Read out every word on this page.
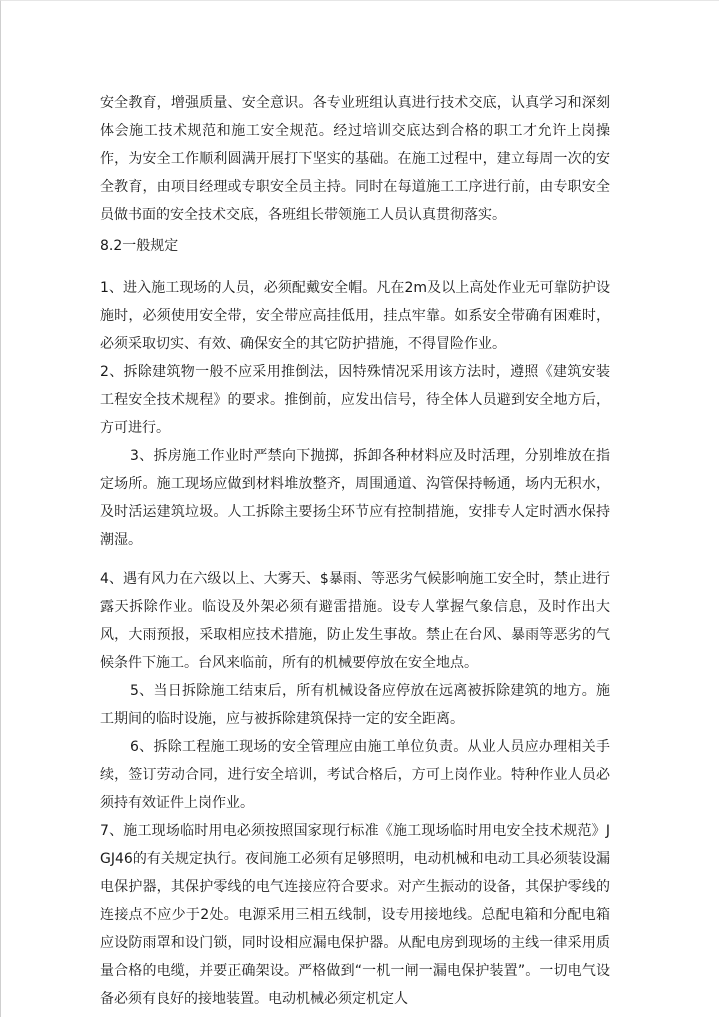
安全教育，增强质量、安全意识。各专业班组认真进行技术交底，认真学习和深刻体会施工技术规范和施工安全规范。经过培训交底达到合格的职工才允许上岗操作，为安全工作顺利圆满开展打下坚实的基础。在施工过程中，建立每周一次的安全教育，由项目经理或专职安全员主持。同时在每道施工工序进行前，由专职安全员做书面的安全技术交底，各班组长带领施工人员认真贯彻落实。

8.2一般规定

1、进入施工现场的人员，必须配戴安全帽。凡在2m及以上高处作业无可靠防护设施时，必须使用安全带，安全带应高挂低用，挂点牢靠。如系安全带确有困难时，必须采取切实、有效、确保安全的其它防护措施，不得冒险作业。

2、拆除建筑物一般不应采用推倒法，因特殊情况采用该方法时，遵照《建筑安装工程安全技术规程》的要求。推倒前，应发出信号，待全体人员避到安全地方后，方可进行。

3、拆房施工作业时严禁向下抛掷，拆卸各种材料应及时活理，分别堆放在指定场所。施工现场应做到材料堆放整齐，周围通道、沟管保持畅通，场内无积水，及时活运建筑垃圾。人工拆除主要扬尘环节应有控制措施，安排专人定时洒水保持潮湿。

4、遇有风力在六级以上、大雾天、$暴雨、等恶劣气候影响施工安全时，禁止进行露天拆除作业。临设及外架必须有避雷措施。设专人掌握气象信息，及时作出大风，大雨预报，采取相应技术措施，防止发生事故。禁止在台风、暴雨等恶劣的气候条件下施工。台风来临前，所有的机械要停放在安全地点。

5、当日拆除施工结束后，所有机械设备应停放在远离被拆除建筑的地方。施工期间的临时设施，应与被拆除建筑保持一定的安全距离。

6、拆除工程施工现场的安全管理应由施工单位负责。从业人员应办理相关手续，签订劳动合同，进行安全培训，考试合格后，方可上岗作业。特种作业人员必须持有效证件上岗作业。

7、施工现场临时用电必须按照国家现行标准《施工现场临时用电安全技术规范》JGJ46的有关规定执行。夜间施工必须有足够照明，电动机械和电动工具必须装设漏电保护器，其保护零线的电气连接应符合要求。对产生振动的设备，其保护零线的连接点不应少于2处。电源采用三相五线制，设专用接地线。总配电箱和分配电箱应设防雨罩和设门锁，同时设相应漏电保护器。从配电房到现场的主线一律采用质量合格的电缆，并要正确架设。严格做到“一机一闸一漏电保护装置”。一切电气设备必须有良好的接地装置。电动机械必须定机定人
